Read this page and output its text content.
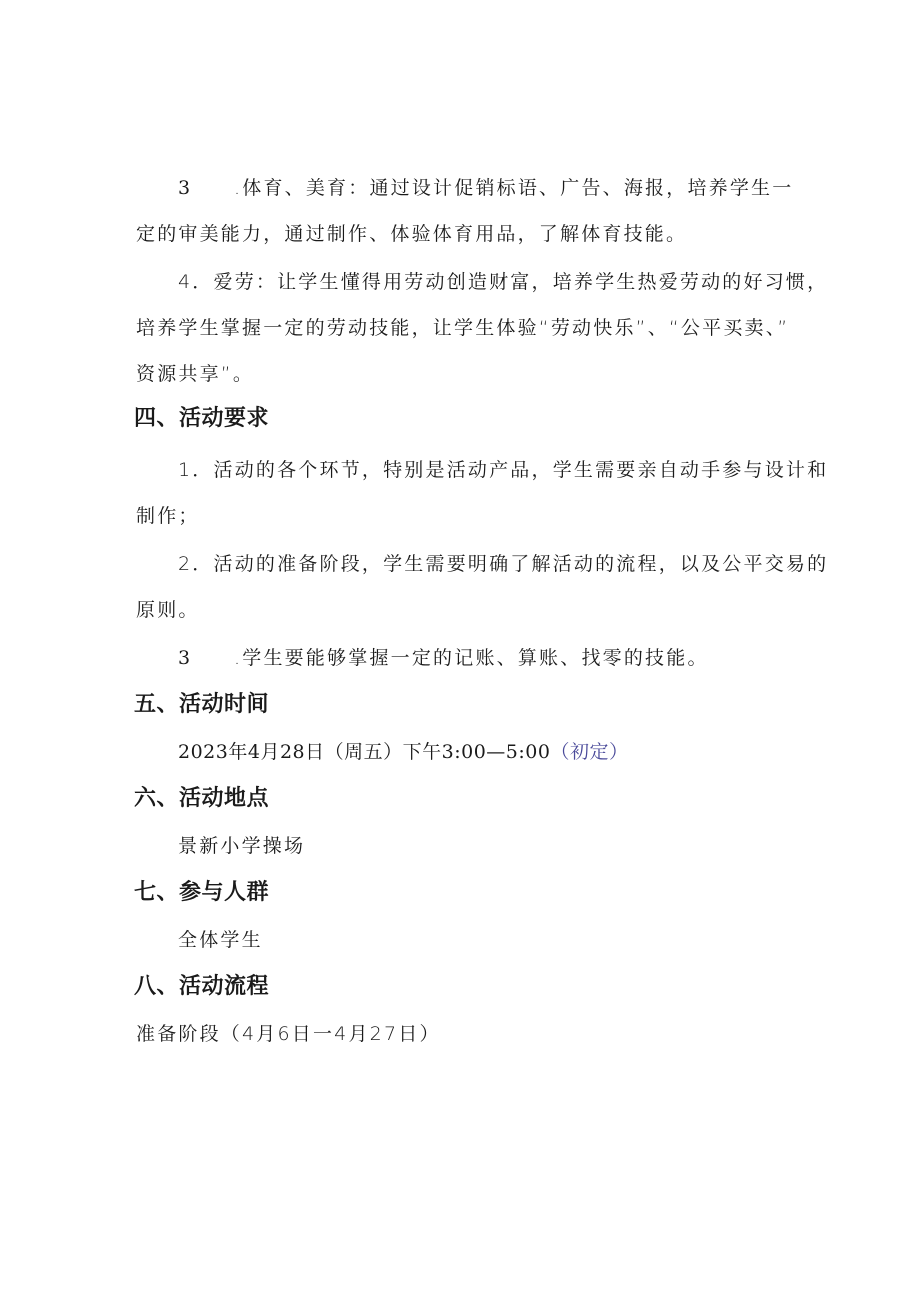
3 .体育、美育：通过设计促销标语、广告、海报，培养学生一
定的审美能力，通过制作、体验体育用品，了解体育技能。
4．爱劳：让学生懂得用劳动创造财富，培养学生热爱劳动的好习惯，
培养学生掌握一定的劳动技能，让学生体验“劳动快乐”、“公平买卖、”
资源共享”。
四、活动要求
1．活动的各个环节，特别是活动产品，学生需要亲自动手参与设计和
制作；
2．活动的准备阶段，学生需要明确了解活动的流程，以及公平交易的
原则。
3 .学生要能够掌握一定的记账、算账、找零的技能。
五、活动时间
2023年4月28日（周五）下午3:00—5:00（初定）
六、活动地点
景新小学操场
七、参与人群
全体学生
八、活动流程
准备阶段（4月6日一4月27日）
